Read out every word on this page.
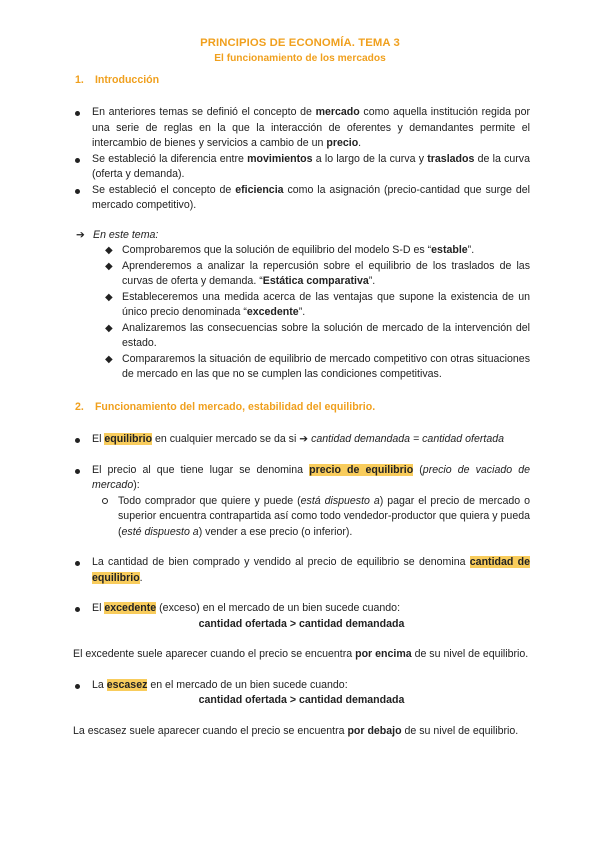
PRINCIPIOS DE ECONOMÍA. TEMA 3
El funcionamiento de los mercados
1. Introducción
En anteriores temas se definió el concepto de mercado como aquella institución regida por una serie de reglas en la que la interacción de oferentes y demandantes permite el intercambio de bienes y servicios a cambio de un precio.
Se estableció la diferencia entre movimientos a lo largo de la curva y traslados de la curva (oferta y demanda).
Se estableció el concepto de eficiencia como la asignación (precio-cantidad que surge del mercado competitivo).
➔ En este tema:
◆ Comprobaremos que la solución de equilibrio del modelo S-D es “estable”.
◆ Aprenderemos a analizar la repercusión sobre el equilibrio de los traslados de las curvas de oferta y demanda. “Estática comparativa”.
◆ Estableceremos una medida acerca de las ventajas que supone la existencia de un único precio denominada “excedente”.
◆ Analizaremos las consecuencias sobre la solución de mercado de la intervención del estado.
◆ Compararemos la situación de equilibrio de mercado competitivo con otras situaciones de mercado en las que no se cumplen las condiciones competitivas.
2. Funcionamiento del mercado, estabilidad del equilibrio.
El equilibrio en cualquier mercado se da si ➔ cantidad demandada = cantidad ofertada
El precio al que tiene lugar se denomina precio de equilibrio (precio de vaciado de mercado):
Todo comprador que quiere y puede (está dispuesto a) pagar el precio de mercado o superior encuentra contrapartida así como todo vendedor-productor que quiera y pueda (esté dispuesto a) vender a ese precio (o inferior).
La cantidad de bien comprado y vendido al precio de equilibrio se denomina cantidad de equilibrio.
El excedente (exceso) en el mercado de un bien sucede cuando:
cantidad ofertada > cantidad demandada
El excedente suele aparecer cuando el precio se encuentra por encima de su nivel de equilibrio.
La escasez en el mercado de un bien sucede cuando:
cantidad ofertada > cantidad demandada
La escasez suele aparecer cuando el precio se encuentra por debajo de su nivel de equilibrio.
